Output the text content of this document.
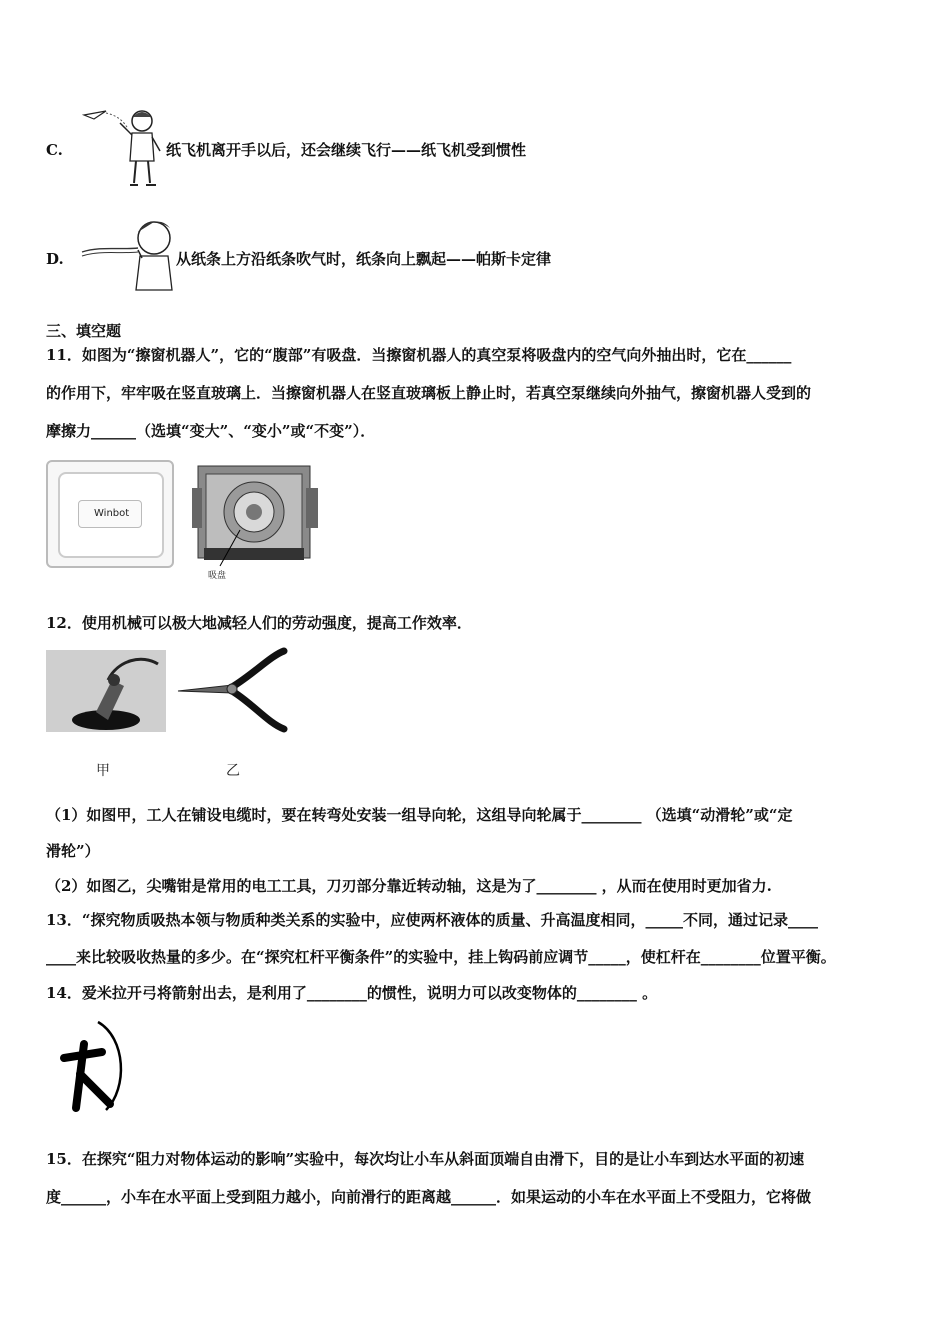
C.	纸飞机离开手以后，还会继续飞行——纸飞机受到惯性
D.	从纸条上方沿纸条吹气时，纸条向上飘起——帕斯卡定律
三、填空题
11．如图为“擦窗机器人”，它的“腹部”有吸盘．当擦窗机器人的真空泵将吸盘内的空气向外抽出时，它在______
的作用下，牢牢吸在竖直玻璃上．当擦窗机器人在竖直玻璃板上静止时，若真空泵继续向外抽气，擦窗机器人受到的
摩擦力______（选填“变大”、“变小”或“不变”）．
Winbot
吸盘
12．使用机械可以极大地减轻人们的劳动强度，提高工作效率．
甲	乙
（1）如图甲，工人在铺设电缆时，要在转弯处安装一组导向轮，这组导向轮属于________ （选填“动滑轮”或“定
滑轮”）
（2）如图乙，尖嘴钳是常用的电工工具，刀刃部分靠近转动轴，这是为了________ ，从而在使用时更加省力.
13．“探究物质吸热本领与物质种类关系的实验中，应使两杯液体的质量、升高温度相同，_____不同，通过记录____
____来比较吸收热量的多少。在“探究杠杆平衡条件”的实验中，挂上钩码前应调节_____，使杠杆在________位置平衡。
14．爱米拉开弓将箭射出去，是利用了________的惯性，说明力可以改变物体的________ 。
15．在探究“阻力对物体运动的影响”实验中，每次均让小车从斜面顶端自由滑下，目的是让小车到达水平面的初速
度______，小车在水平面上受到阻力越小，向前滑行的距离越______．如果运动的小车在水平面上不受阻力，它将做
